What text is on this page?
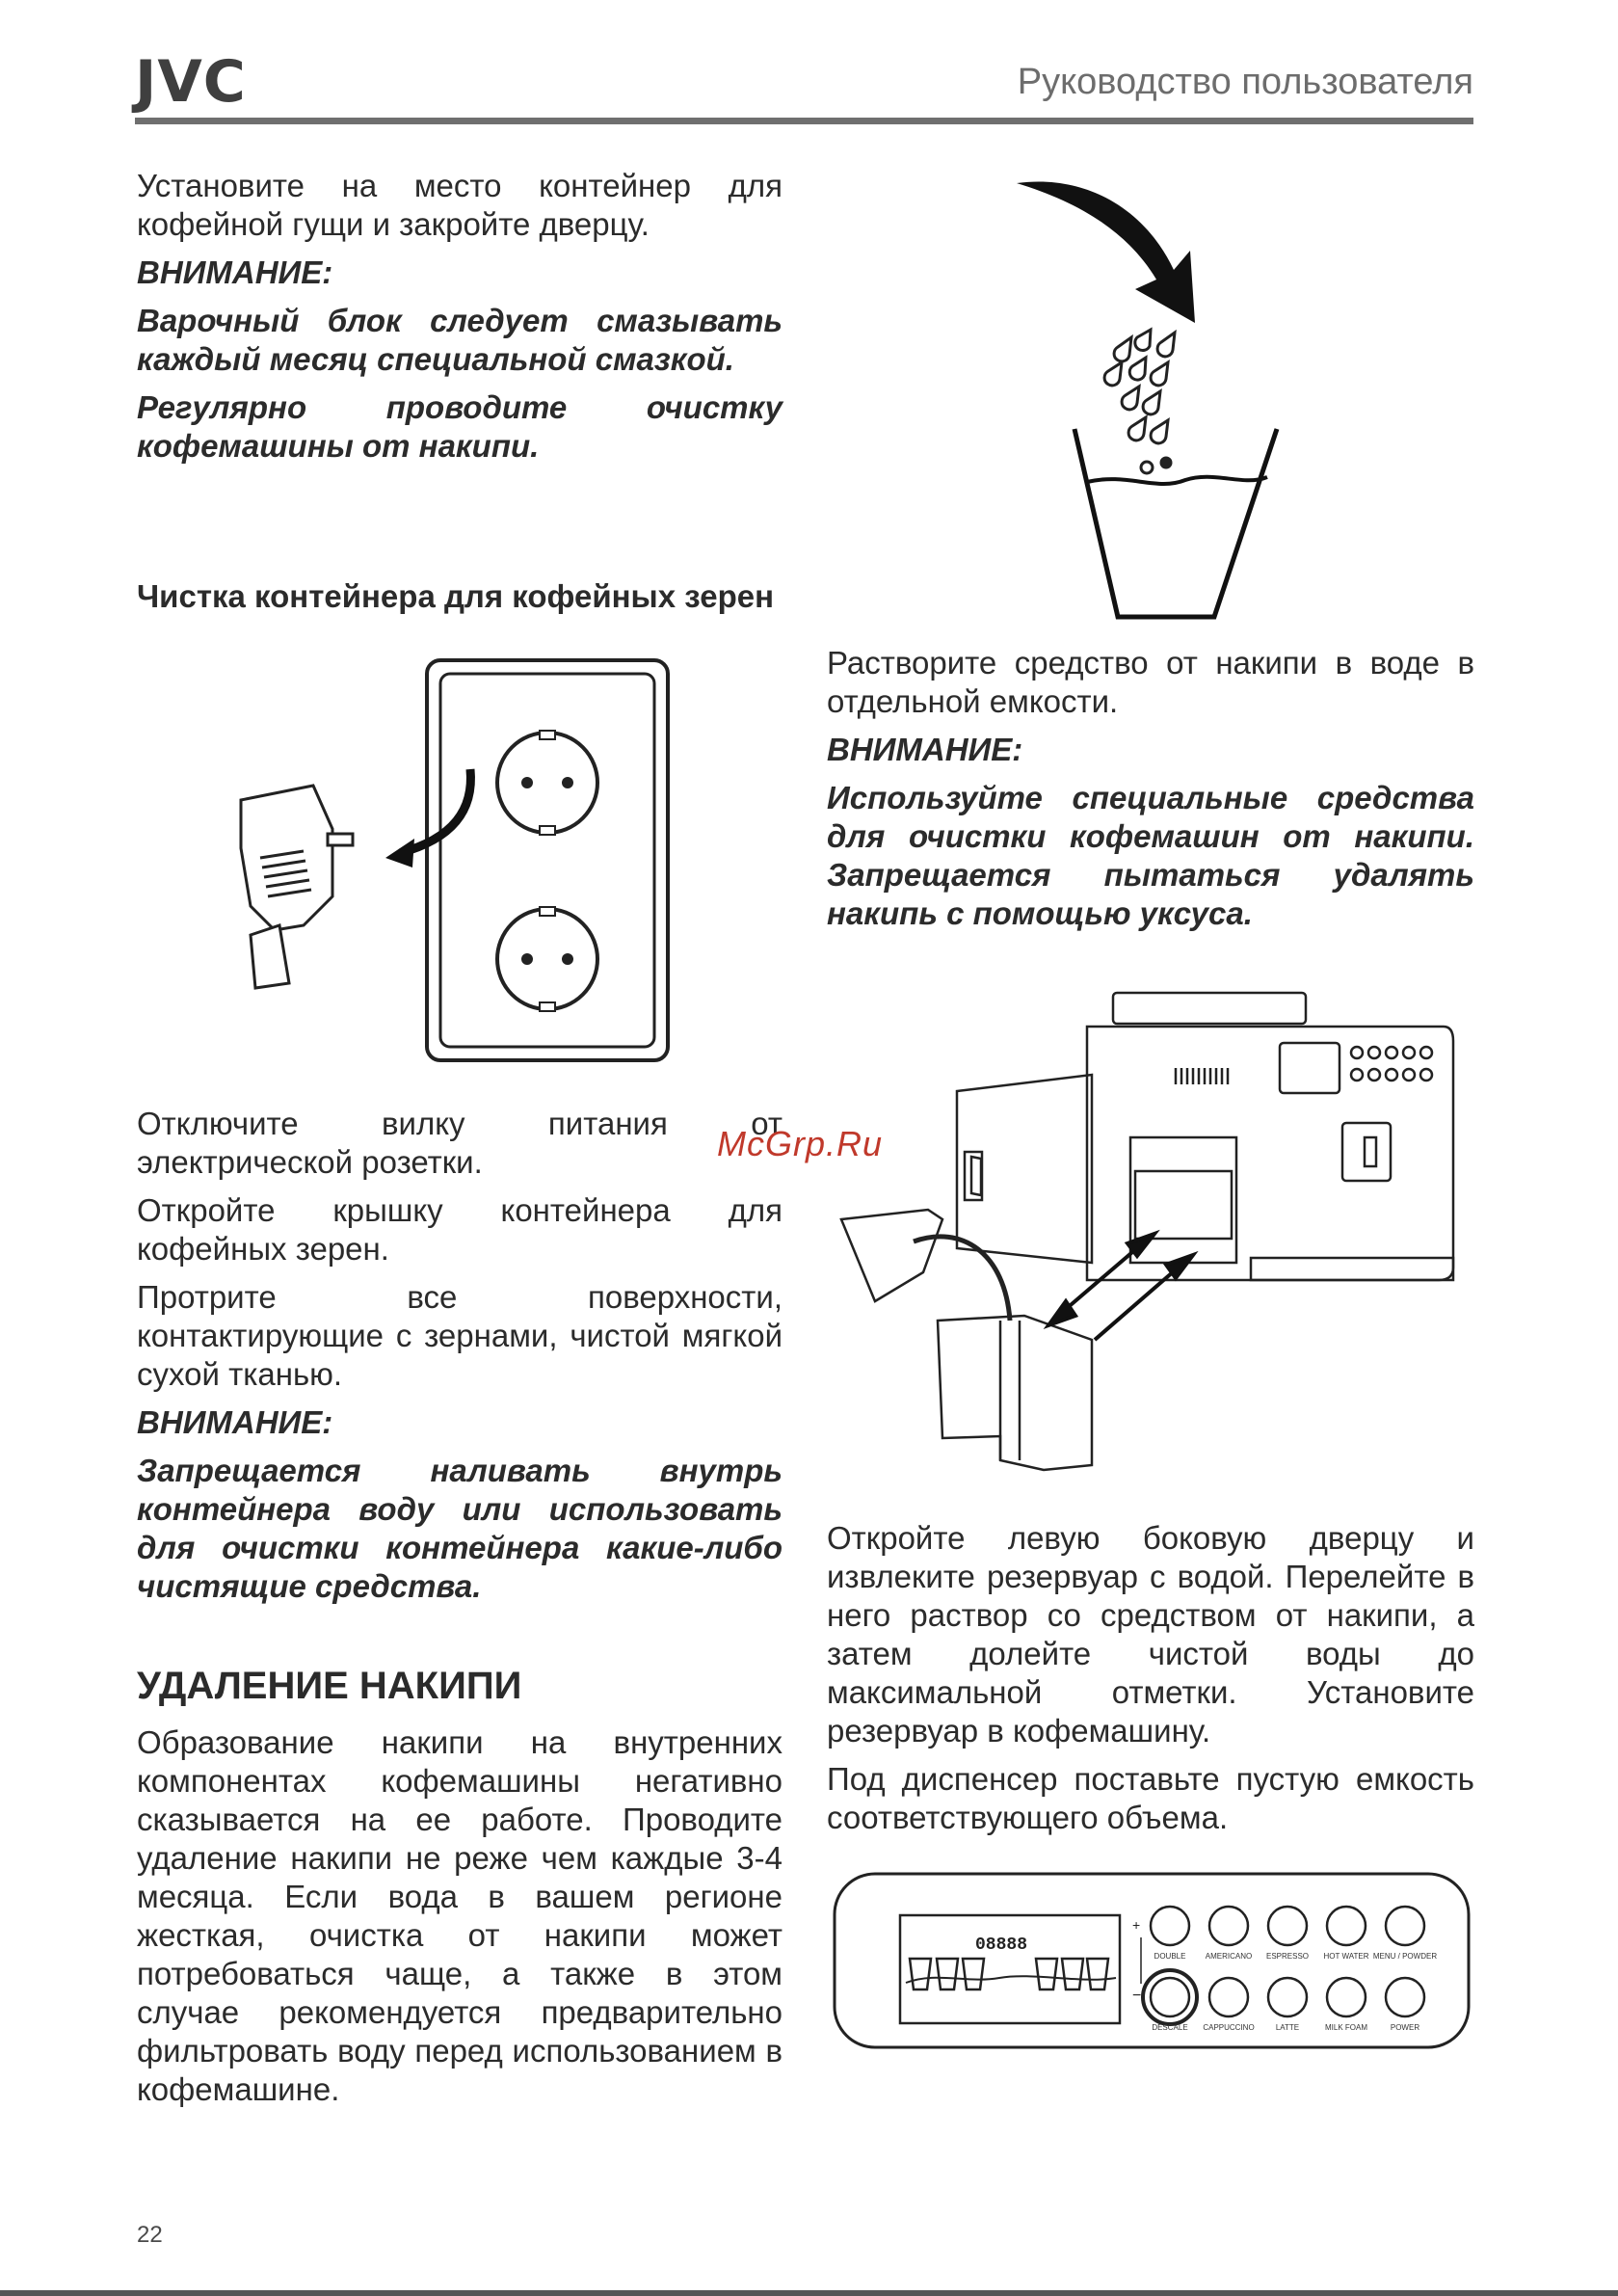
JVC	Руководство пользователя

Установите на место контейнер для кофейной гущи и закройте дверцу.

ВНИМАНИЕ:

Варочный блок следует смазывать каждый месяц специальной смазкой.

Регулярно проводите очистку кофемашины от накипи.

Чистка контейнера для кофейных зерен

Отключите вилку питания от электрической розетки.

Откройте крышку контейнера для кофейных зерен.

Протрите все поверхности, контактирующие с зернами, чистой мягкой сухой тканью.

ВНИМАНИЕ:

Запрещается наливать внутрь контейнера воду или использовать для очистки контейнера какие-либо чистящие средства.

УДАЛЕНИЕ НАКИПИ
Образование накипи на внутренних компонентах кофемашины негативно сказывается на ее работе. Проводите удаление накипи не реже чем каждые 3-4 месяца. Если вода в вашем регионе жесткая, очистка от накипи может потребоваться чаще, а также в этом случае рекомендуется предварительно фильтровать воду перед использованием в кофемашине.

Растворите средство от накипи в воде в отдельной емкости.

ВНИМАНИЕ:

Используйте специальные средства для очистки кофемашин от накипи. Запрещается пытаться удалять накипь с помощью уксуса.

McGrp.Ru

Откройте левую боковую дверцу и извлеките резервуар с водой. Перелейте в него раствор со средством от накипи, а затем долейте чистой воды до максимальной отметки. Установите резервуар в кофемашину.

Под диспенсер поставьте пустую емкость соответствующего объема.

08888
+
−
DOUBLE	AMERICANO ESPRESSO HOT WATER MENU / POWDER
DESCALE CAPPUCCINO	LATTE	MILK FOAM	POWER
22
